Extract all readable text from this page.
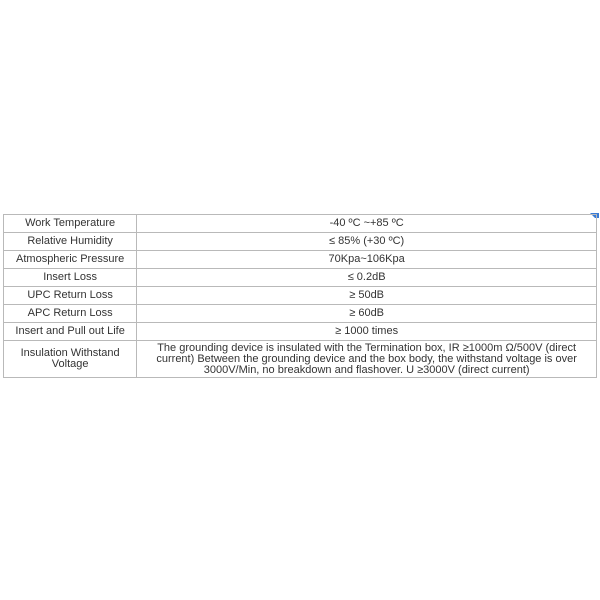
Work Temperature	-40 ºC ~+85 ºC
Relative Humidity	≤ 85% (+30 ºC)
Atmospheric Pressure	70Kpa~106Kpa
Insert Loss	≤ 0.2dB
UPC Return Loss	≥ 50dB
APC Return Loss	≥ 60dB
Insert and Pull out Life	≥ 1000 times
Insulation Withstand Voltage	The grounding device is insulated with the Termination box, IR ≥1000m Ω/500V (direct current) Between the grounding device and the box body, the withstand voltage is over 3000V/Min, no breakdown and flashover. U ≥3000V (direct current)
